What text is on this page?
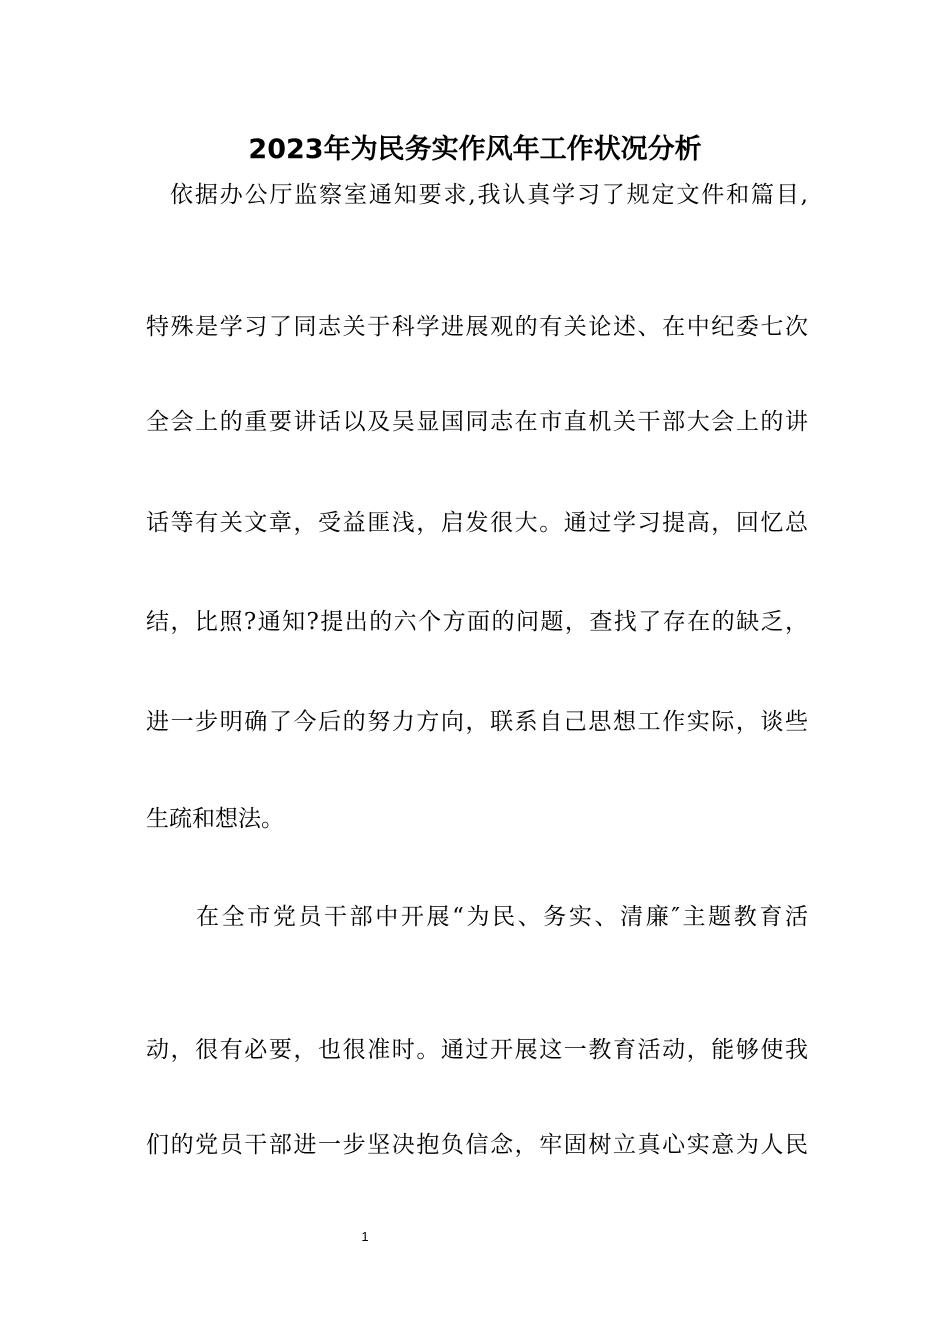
2023年为民务实作风年工作状况分析

依据办公厅监察室通知要求,我认真学习了规定文件和篇目,

特殊是学习了同志关于科学进展观的有关论述、在中纪委七次

全会上的重要讲话以及吴显国同志在市直机关干部大会上的讲

话等有关文章，受益匪浅，启发很大。通过学习提高，回忆总

结，比照?通知?提出的六个方面的问题，查找了存在的缺乏，

进一步明确了今后的努力方向，联系自己思想工作实际，谈些

生疏和想法。

在全市党员干部中开展“为民、务实、清廉″主题教育活

动，很有必要，也很准时。通过开展这一教育活动，能够使我

们的党员干部进一步坚决抱负信念，牢固树立真心实意为人民

1
